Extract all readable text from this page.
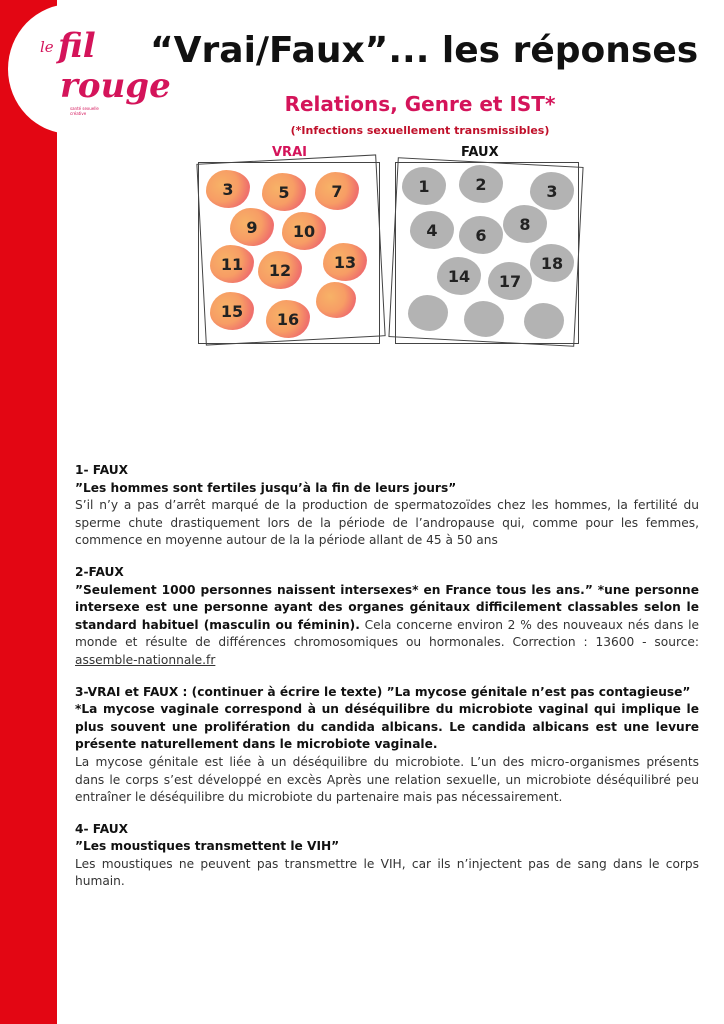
le fil
rouge
santé sexuelle créative
“Vrai/Faux”... les réponses
Relations, Genre et IST*
(*Infections sexuellement transmissibles)
VRAI	FAUX
3	5	7
9 10
11 12	13
15 16
1	2	3
4 6
8
14 17
18
1- FAUX
”Les hommes sont fertiles jusqu’à la fin de leurs jours”
S’il n’y a pas d’arrêt marqué de la production de spermatozoïdes chez les hommes, la fertilité du sperme chute drastiquement lors de la période de l’andropause qui, comme pour les femmes, commence en moyenne autour de la la période allant de 45 à 50 ans
2-FAUX
”Seulement 1000 personnes naissent intersexes* en France tous les ans.” *une personne intersexe est une personne ayant des organes génitaux difficilement classables selon le standard habituel (masculin ou féminin). Cela concerne environ 2 % des nouveaux nés dans le monde et résulte de différences chromosomiques ou hormonales. Correction : 13600 - source: assemble-nationnale.fr
3-VRAI et FAUX : (continuer à écrire le texte) ”La mycose génitale n’est pas contagieuse”
*La mycose vaginale correspond à un déséquilibre du microbiote vaginal qui implique le plus souvent une prolifération du candida albicans. Le candida albicans est une levure présente naturellement dans le microbiote vaginale.
La mycose génitale est liée à un déséquilibre du microbiote. L’un des micro-organismes présents dans le corps s’est développé en excès Après une relation sexuelle, un microbiote déséquilibré peu entraîner le déséquilibre du microbiote du partenaire mais pas nécessairement.
4- FAUX
”Les moustiques transmettent le VIH”
Les moustiques ne peuvent pas transmettre le VIH, car ils n’injectent pas de sang dans le corps humain.
